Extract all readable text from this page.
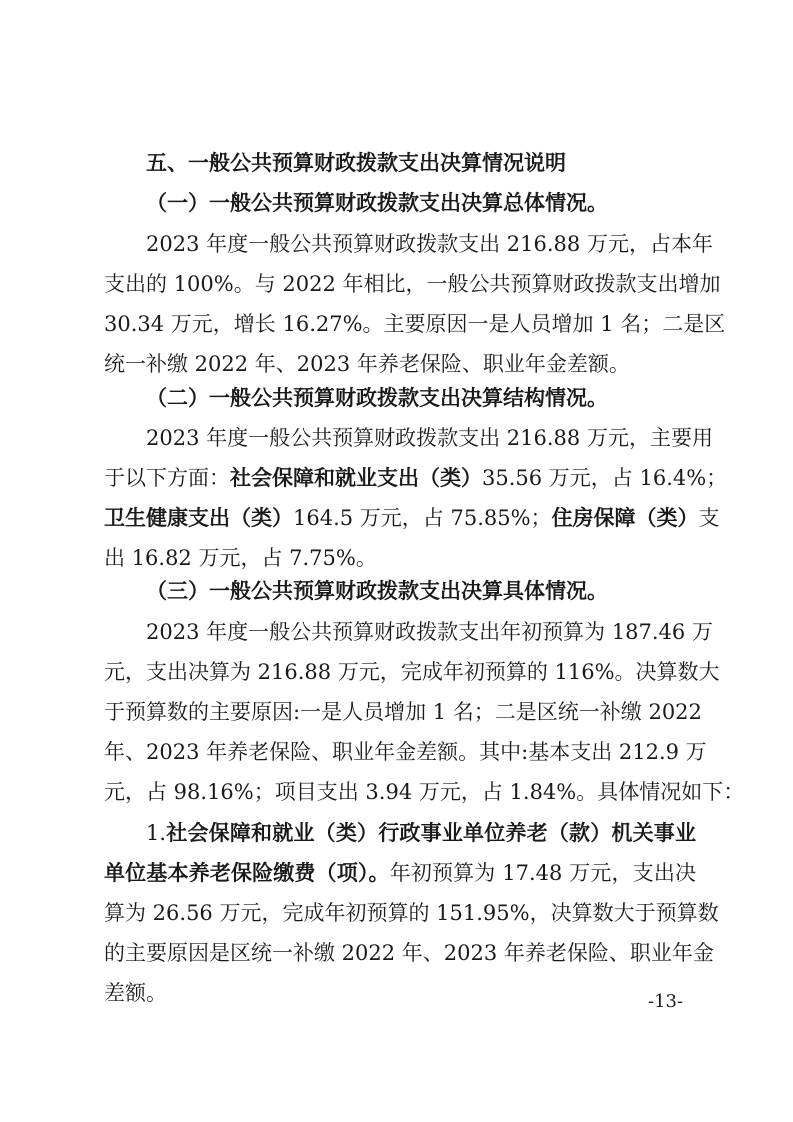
五、一般公共预算财政拨款支出决算情况说明
（一）一般公共预算财政拨款支出决算总体情况。
2023 年度一般公共预算财政拨款支出 216.88 万元，占本年
支出的 100%。与 2022 年相比，一般公共预算财政拨款支出增加
30.34 万元，增长 16.27%。主要原因一是人员增加 1 名；二是区
统一补缴 2022 年、2023 年养老保险、职业年金差额。
（二）一般公共预算财政拨款支出决算结构情况。
2023 年度一般公共预算财政拨款支出 216.88 万元，主要用
于以下方面：社会保障和就业支出（类）35.56 万元，占 16.4%；
卫生健康支出（类）164.5 万元，占 75.85%；住房保障（类）支
出 16.82 万元，占 7.75%。
（三）一般公共预算财政拨款支出决算具体情况。
2023 年度一般公共预算财政拨款支出年初预算为 187.46 万
元，支出决算为 216.88 万元，完成年初预算的 116%。决算数大
于预算数的主要原因:一是人员增加 1 名；二是区统一补缴 2022
年、2023 年养老保险、职业年金差额。其中:基本支出 212.9 万
元，占 98.16%；项目支出 3.94 万元，占 1.84%。具体情况如下：
1.社会保障和就业（类）行政事业单位养老（款）机关事业
单位基本养老保险缴费（项）。年初预算为 17.48 万元，支出决
算为 26.56 万元，完成年初预算的 151.95%，决算数大于预算数
的主要原因是区统一补缴 2022 年、2023 年养老保险、职业年金
差额。	-13-
